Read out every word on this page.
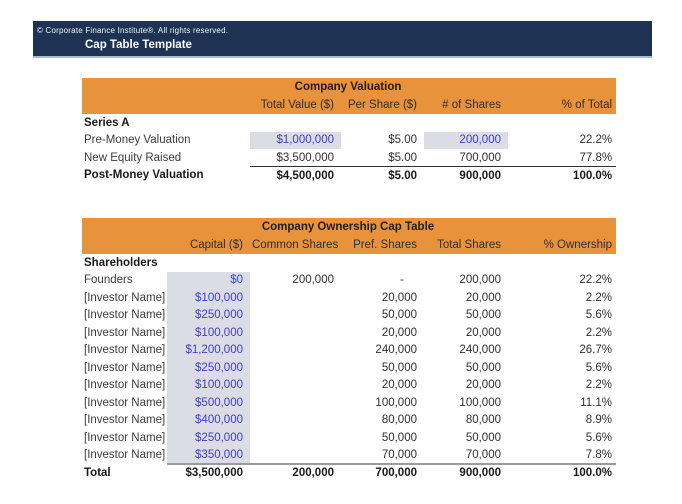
© Corporate Finance Institute®. All rights reserved.
Cap Table Template
Company Valuation				
	Total Value ($)	Per Share ($)	# of Shares	% of Total
Series A				
Pre-Money Valuation	$1,000,000	$5.00	200,000	22.2%
New Equity Raised	$3,500,000	$5.00	700,000	77.8%
Post-Money Valuation	$4,500,000	$5.00	900,000	100.0%
Company Ownership Cap Table					
	Capital ($)	Common Shares	Pref. Shares	Total Shares	% Ownership
Shareholders					
Founders	$0	200,000	-	200,000	22.2%
[Investor Name]	$100,000		20,000	20,000	2.2%
[Investor Name]	$250,000		50,000	50,000	5.6%
[Investor Name]	$100,000		20,000	20,000	2.2%
[Investor Name]	$1,200,000		240,000	240,000	26.7%
[Investor Name]	$250,000		50,000	50,000	5.6%
[Investor Name]	$100,000		20,000	20,000	2.2%
[Investor Name]	$500,000		100,000	100,000	11.1%
[Investor Name]	$400,000		80,000	80,000	8.9%
[Investor Name]	$250,000		50,000	50,000	5.6%
[Investor Name]	$350,000		70,000	70,000	7.8%
Total	$3,500,000	200,000	700,000	900,000	100.0%
